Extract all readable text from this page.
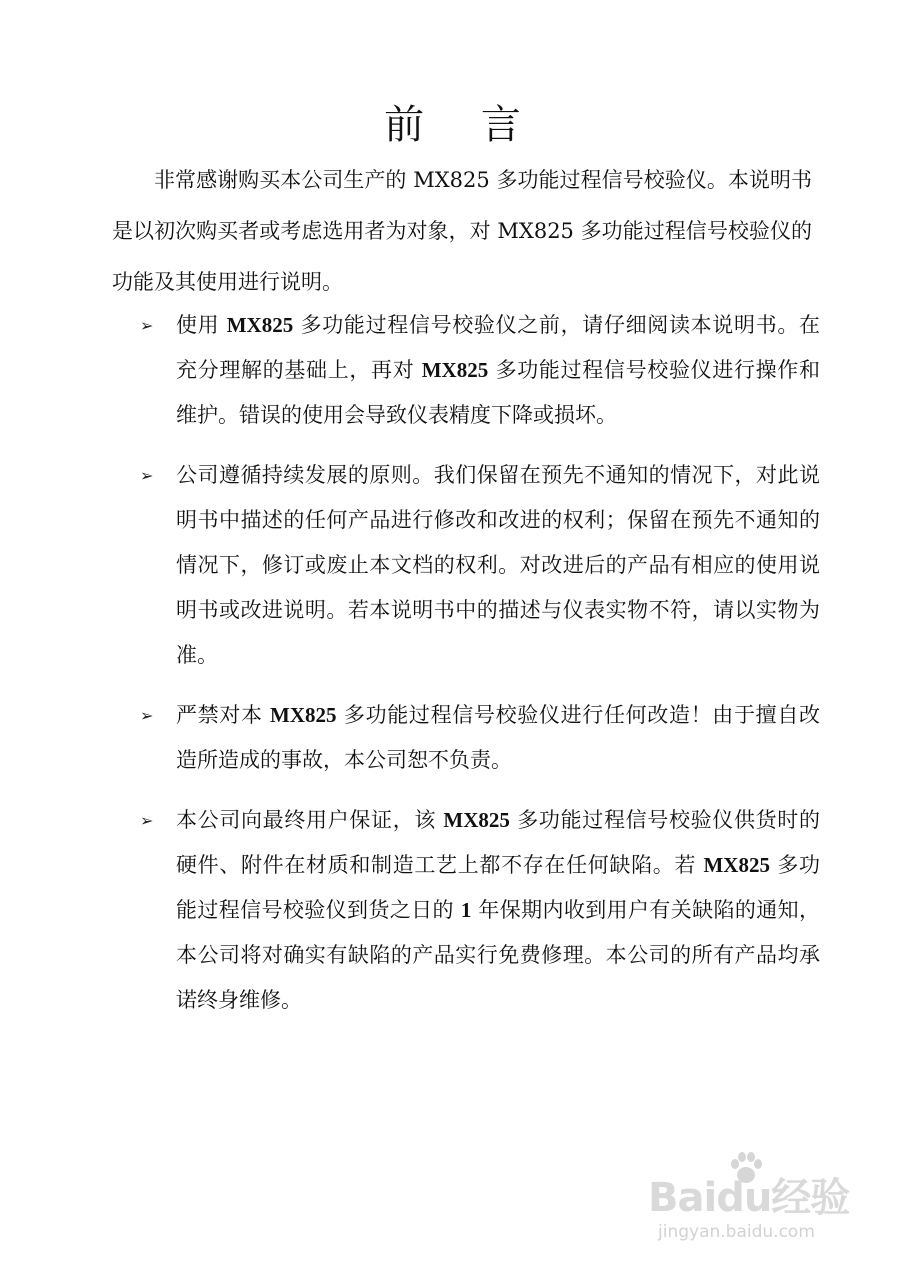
前 言

非常感谢购买本公司生产的 MX825 多功能过程信号校验仪。本说明书是以初次购买者或考虑选用者为对象，对 MX825 多功能过程信号校验仪的功能及其使用进行说明。

➢ 使用 MX825 多功能过程信号校验仪之前，请仔细阅读本说明书。在充分理解的基础上，再对 MX825 多功能过程信号校验仪进行操作和维护。错误的使用会导致仪表精度下降或损坏。
➢ 公司遵循持续发展的原则。我们保留在预先不通知的情况下，对此说明书中描述的任何产品进行修改和改进的权利；保留在预先不通知的情况下，修订或废止本文档的权利。对改进后的产品有相应的使用说明书或改进说明。若本说明书中的描述与仪表实物不符，请以实物为准。
➢ 严禁对本 MX825 多功能过程信号校验仪进行任何改造！由于擅自改造所造成的事故，本公司恕不负责。
➢ 本公司向最终用户保证，该 MX825 多功能过程信号校验仪供货时的硬件、附件在材质和制造工艺上都不存在任何缺陷。若 MX825 多功能过程信号校验仪到货之日的 1 年保期内收到用户有关缺陷的通知，本公司将对确实有缺陷的产品实行免费修理。本公司的所有产品均承诺终身维修。
Baidu经验
jingyan.baidu.com
